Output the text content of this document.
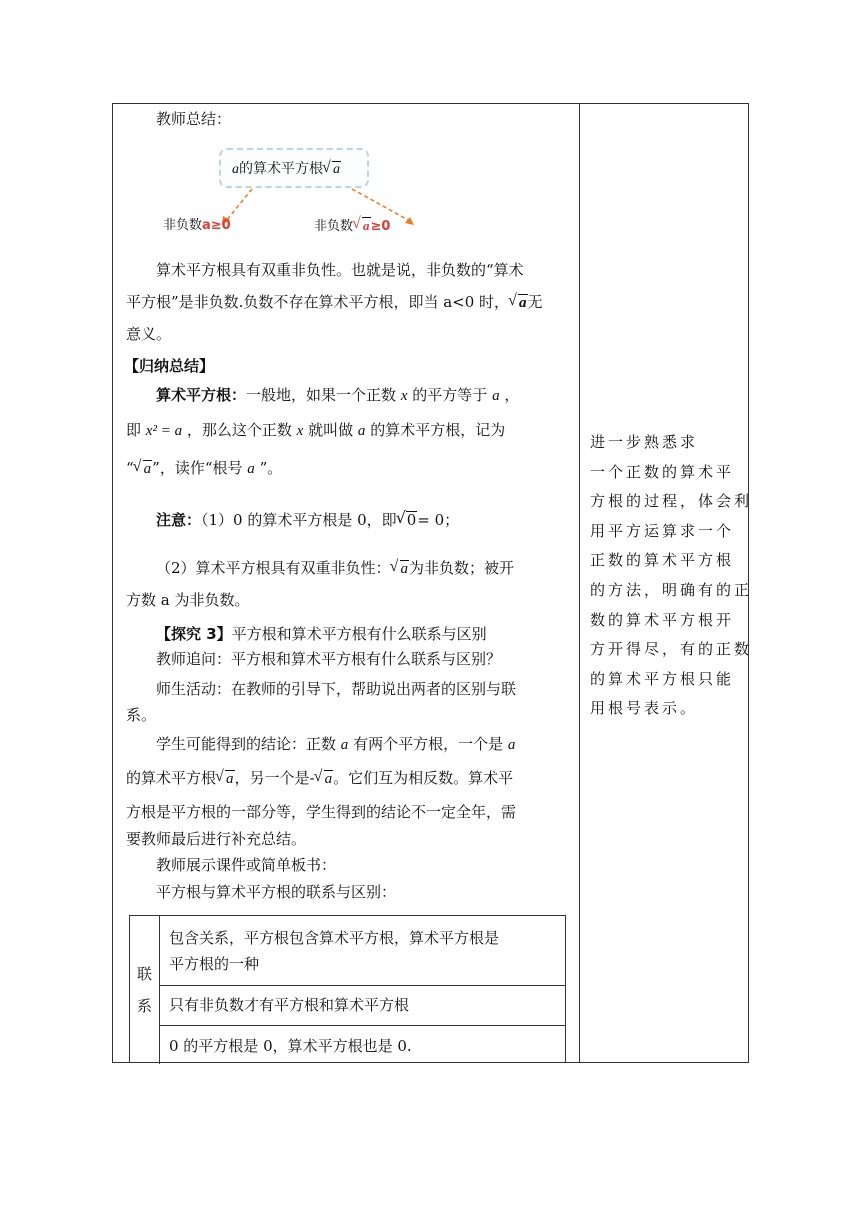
教师总结：
a的算术平方根 √ a
非负数a≥0	非负数 √ a≥0
算术平方根具有双重非负性。也就是说，非负数的“算术
平方根”是非负数.负数不存在算术平方根，即当 a<0 时， √ a无
意义。
【归纳总结】
算术平方根：一般地，如果一个正数 x 的平方等于 a ，
即 x² = a ，那么这个正数 x 就叫做 a 的算术平方根，记为
“ √ a”，读作“根号 a ”。
注意：（1）0 的算术平方根是 0，即 √ 0= 0；
（2）算术平方根具有双重非负性： √ a为非负数；被开
方数 a 为非负数。
【探究 3】平方根和算术平方根有什么联系与区别
教师追问：平方根和算术平方根有什么联系与区别？
师生活动：在教师的引导下，帮助说出两者的区别与联
系。
学生可能得到的结论：正数 a 有两个平方根，一个是 a
的算术平方根 √ a，另一个是- √ a。它们互为相反数。算术平
方根是平方根的一部分等，学生得到的结论不一定全年，需
要教师最后进行补充总结。
教师展示课件或简单板书：
平方根与算术平方根的联系与区别：
联
系
包含关系，平方根包含算术平方根，算术平方根是
平方根的一种
只有非负数才有平方根和算术平方根
0 的平方根是 0，算术平方根也是 0.
进一步熟悉求
一个正数的算术平
方根的过程，体会利
用平方运算求一个
正数的算术平方根
的方法，明确有的正
数的算术平方根开
方开得尽，有的正数
的算术平方根只能
用根号表示。
